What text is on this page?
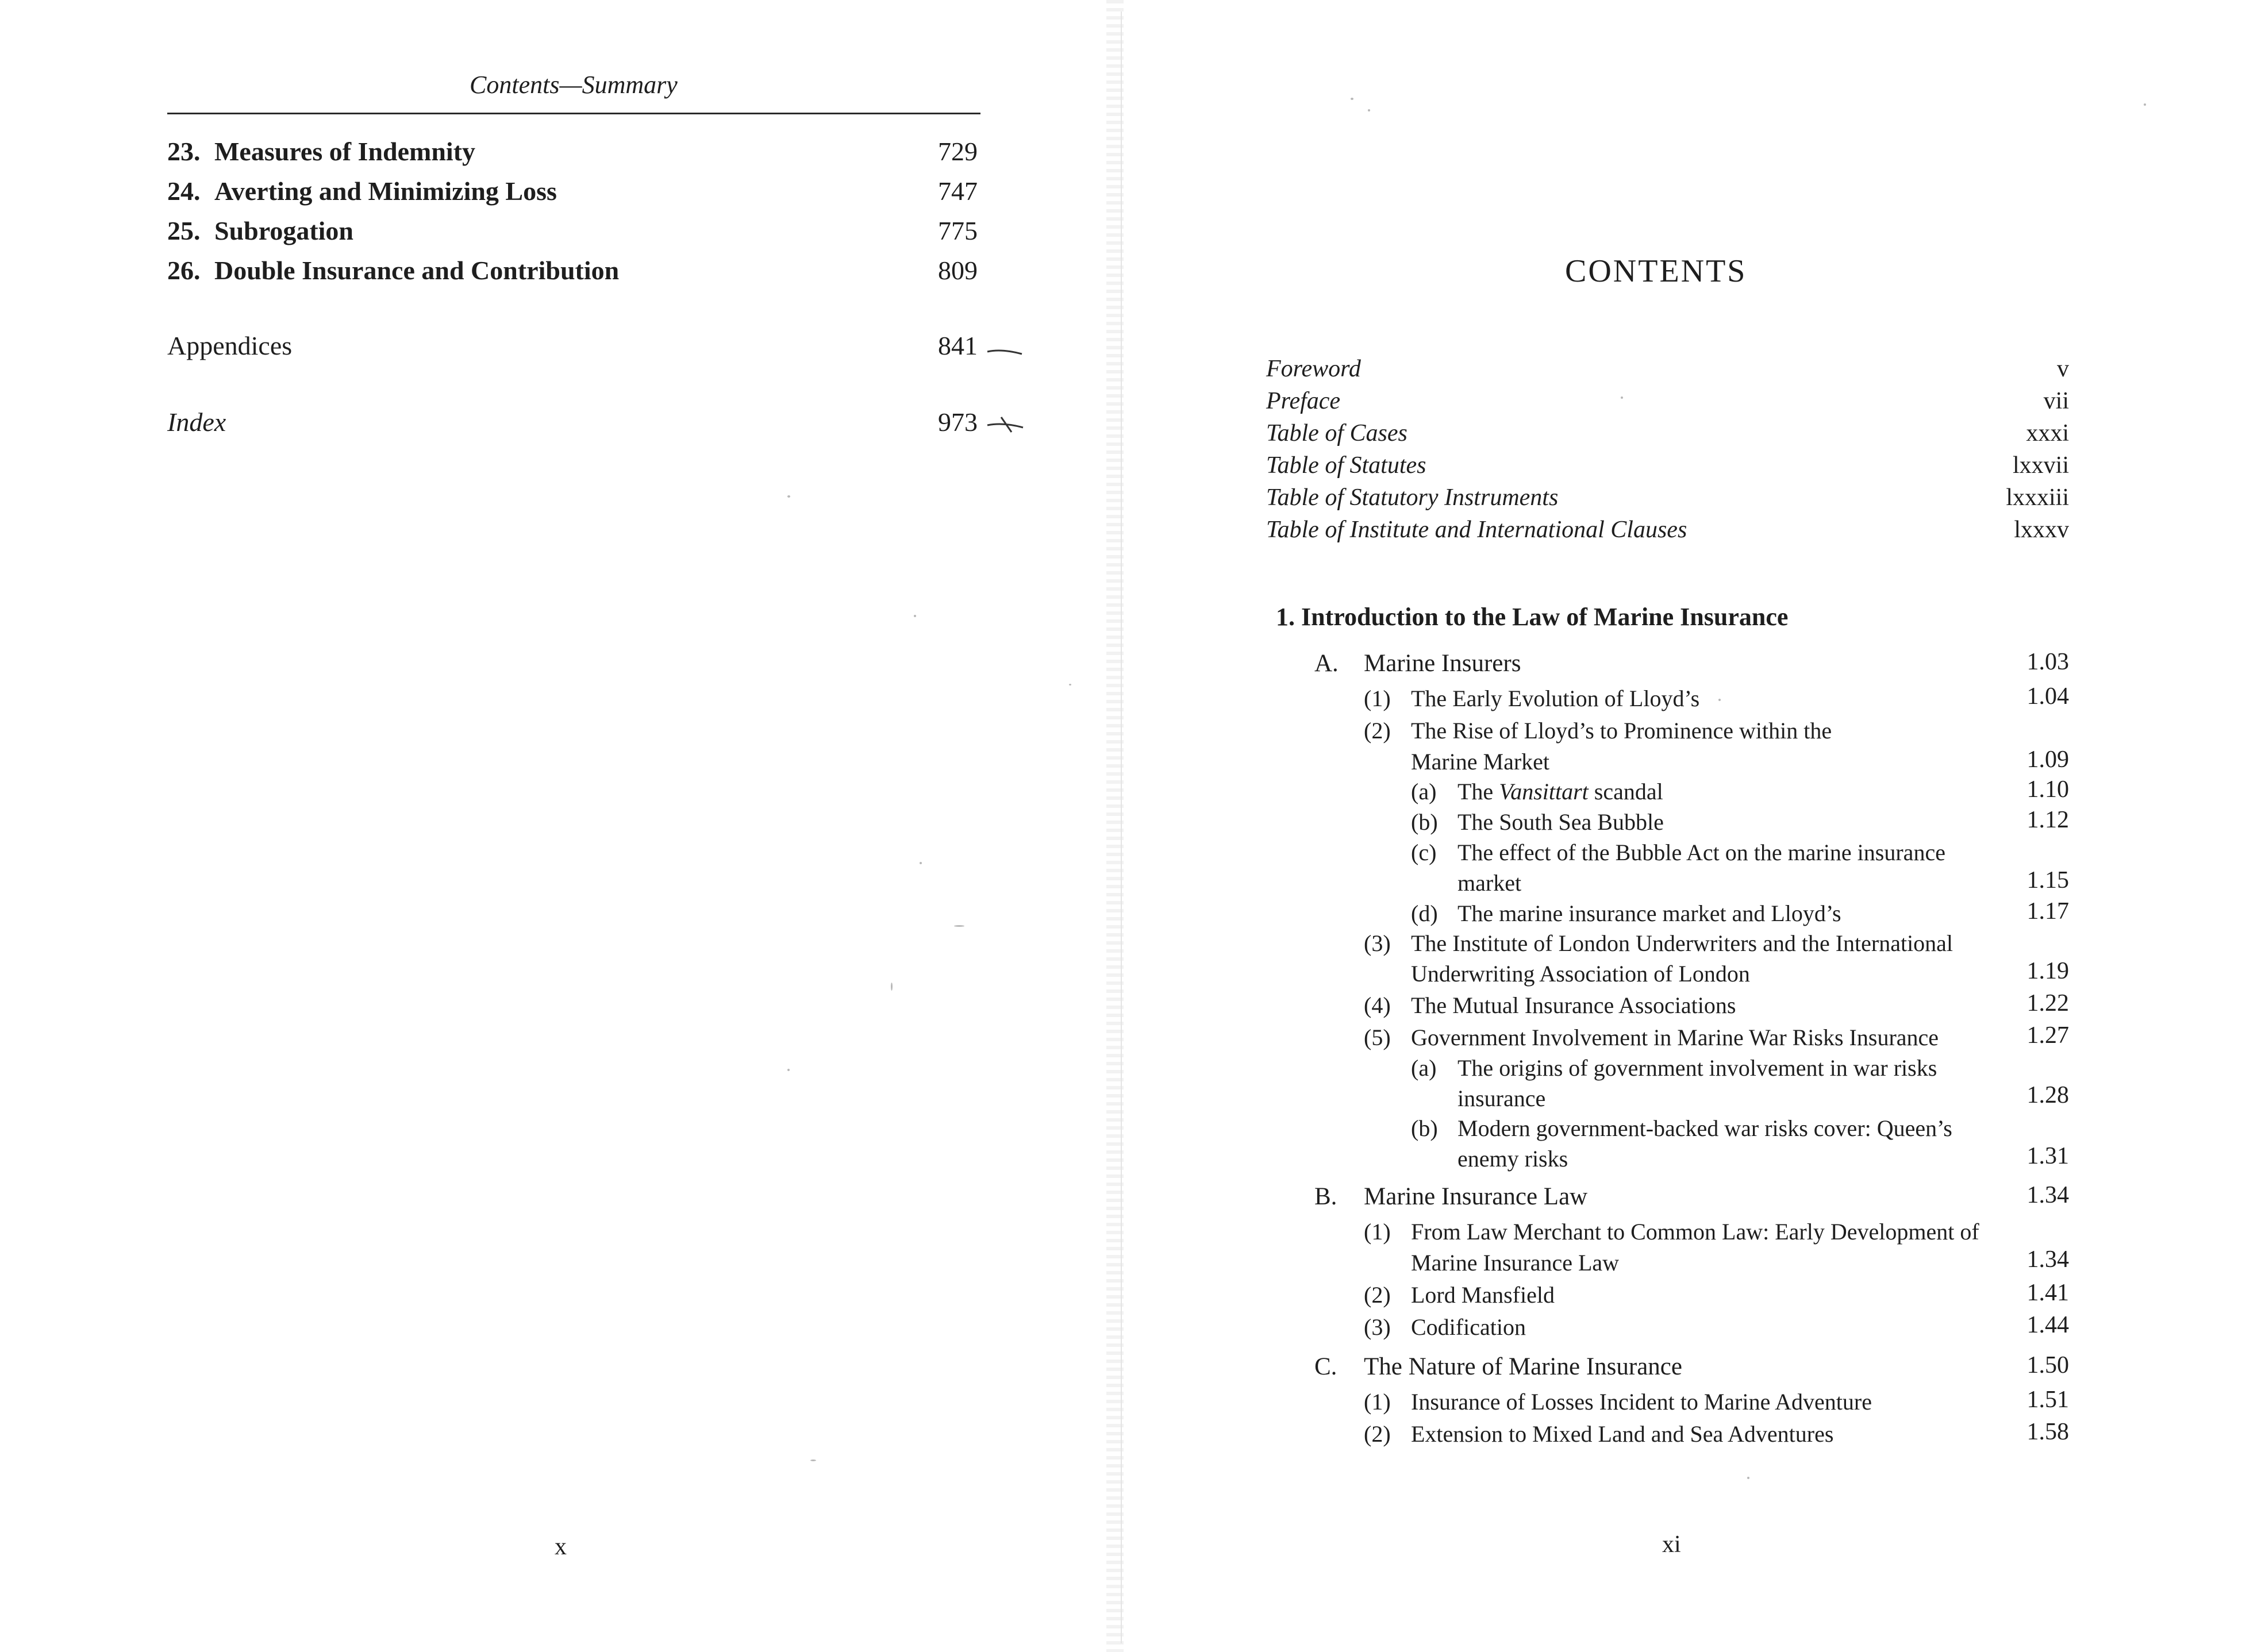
Contents—Summary
23. Measures of Indemnity	729
24. Averting and Minimizing Loss	747
25. Subrogation	775
26. Double Insurance and Contribution	809
Appendices	841
Index	973
x
CONTENTS
Foreword	v
Preface	vii
Table of Cases	xxxi
Table of Statutes	lxxvii
Table of Statutory Instruments	lxxxiii
Table of Institute and International Clauses	lxxxv
1. Introduction to the Law of Marine Insurance
A. Marine Insurers	1.03
(1) The Early Evolution of Lloyd’s	1.04
(2) The Rise of Lloyd’s to Prominence within the
Marine Market	1.09
(a) The Vansittart scandal	1.10
(b) The South Sea Bubble	1.12
(c) The effect of the Bubble Act on the marine insurance
market	1.15
(d) The marine insurance market and Lloyd’s	1.17
(3) The Institute of London Underwriters and the International
Underwriting Association of London	1.19
(4) The Mutual Insurance Associations	1.22
(5) Government Involvement in Marine War Risks Insurance	1.27
(a) The origins of government involvement in war risks
insurance	1.28
(b) Modern government-backed war risks cover: Queen’s
enemy risks	1.31
B. Marine Insurance Law	1.34
(1) From Law Merchant to Common Law: Early Development of
Marine Insurance Law	1.34
(2) Lord Mansfield	1.41
(3) Codification	1.44
C. The Nature of Marine Insurance	1.50
(1) Insurance of Losses Incident to Marine Adventure	1.51
(2) Extension to Mixed Land and Sea Adventures	1.58
xi
